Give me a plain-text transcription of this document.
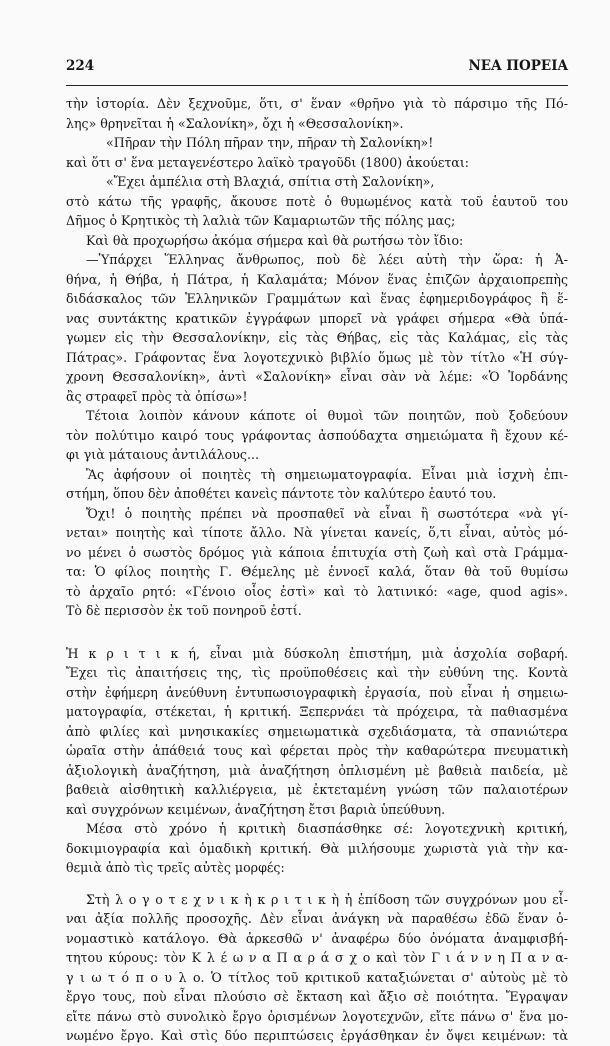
224	ΝΕΑ ΠΟΡΕΙΑ
τὴν ἱστορία. Δὲν ξεχνοῦμε, ὅτι, σ' ἕναν «θρῆνο γιὰ τὸ πάρσιμο τῆς Πό-
λης» θρηνεῖται ἡ «Σαλονίκη», ὄχι ἡ «Θεσσαλονίκη».
«Πῆραν τὴν Πόλη πῆραν την, πῆραν τὴ Σαλονίκη»!
καὶ ὅτι σ' ἕνα μεταγενέστερο λαϊκὸ τραγοῦδι (1800) ἀκούεται:
«Ἔχει ἀμπέλια στὴ Βλαχιά, σπίτια στὴ Σαλονίκη»,
στὸ κάτω τῆς γραφῆς, ἄκουσε ποτὲ ὁ θυμωμένος κατὰ τοῦ ἑαυτοῦ του
Δῆμος ὁ Κρητικὸς τὴ λαλιὰ τῶν Καμαριωτῶν τῆς πόλης μας;
Καὶ θὰ προχωρήσω ἀκόμα σήμερα καὶ θὰ ρωτήσω τὸν ἴδιο:
—Ὑπάρχει Ἕλληνας ἄνθρωπος, ποὺ δὲ λέει αὐτὴ τὴν ὥρα: ἡ Ἀ-
θήνα, ἡ Θήβα, ἡ Πάτρα, ἡ Καλαμάτα; Μόνον ἕνας ἐπιζῶν ἀρχαιοπρεπὴς
διδάσκαλος τῶν Ἑλληνικῶν Γραμμάτων καὶ ἕνας ἐφημεριδογράφος ἢ ἕ-
νας συντάκτης κρατικῶν ἐγγράφων μπορεῖ νὰ γράφει σήμερα «Θὰ ὑπά-
γωμεν εἰς τὴν Θεσσαλονίκην, εἰς τὰς Θήβας, εἰς τὰς Καλάμας, εἰς τὰς
Πάτρας». Γράφοντας ἕνα λογοτεχνικὸ βιβλίο ὅμως μὲ τὸν τίτλο «Ἡ σύγ-
χρονη Θεσσαλονίκη», ἀντὶ «Σαλονίκη» εἶναι σὰν νὰ λέμε: «Ὁ Ἰορδάνης
ἂς στραφεῖ πρὸς τὰ ὀπίσω»!
Τέτοια λοιπὸν κάνουν κάποτε οἱ θυμοὶ τῶν ποιητῶν, ποὺ ξοδεύουν
τὸν πολύτιμο καιρό τους γράφοντας ἀσπούδαχτα σημειώματα ἢ ἔχουν κέ-
φι γιὰ μάταιους ἀντιλάλους...
Ἂς ἀφήσουν οἱ ποιητὲς τὴ σημειωματογραφία. Εἶναι μιὰ ἰσχνὴ ἐπι-
στήμη, ὅπου δὲν ἀποθέτει κανεὶς πάντοτε τὸν καλύτερο ἑαυτό του.
Ὄχι! ὁ ποιητὴς πρέπει νὰ προσπαθεῖ νὰ εἶναι ἢ σωστότερα «νὰ γί-
νεται» ποιητὴς καὶ τίποτε ἄλλο. Νὰ γίνεται κανείς, ὅ,τι εἶναι, αὐτὸς μό-
νο μένει ὁ σωστὸς δρόμος γιὰ κάποια ἐπιτυχία στὴ ζωὴ καὶ στὰ Γράμμα-
τα: Ὁ φίλος ποιητὴς Γ. Θέμελης μὲ ἐννοεῖ καλά, ὅταν θὰ τοῦ θυμίσω
τὸ ἀρχαῖο ρητό: «Γένοιο οἷος ἐστὶ» καὶ τὸ λατινικό: «age, quod agis».
Τὸ δὲ περισσὸν ἐκ τοῦ πονηροῦ ἐστί.
Ἡ κ ρ ι τ ι κ ή, εἶναι μιὰ δύσκολη ἐπιστήμη, μιὰ ἀσχολία σοβαρή.
Ἔχει τὶς ἀπαιτήσεις της, τὶς προϋποθέσεις καὶ τὴν εὐθύνη της. Κοντὰ
στὴν ἐφήμερη ἀνεύθυνη ἐντυπωσιογραφικὴ ἐργασία, ποὺ εἶναι ἡ σημειω-
ματογραφία, στέκεται, ἡ κριτική. Ξεπερνάει τὰ πρόχειρα, τὰ παθιασμένα
ἀπὸ φιλίες καὶ μνησικακίες σημειωματικὰ σχεδιάσματα, τὰ σπανιώτερα
ὡραῖα στὴν ἀπάθειά τους καὶ φέρεται πρὸς τὴν καθαρώτερα πνευματικὴ
ἀξιολογικὴ ἀναζήτηση, μιὰ ἀναζήτηση ὁπλισμένη μὲ βαθειὰ παιδεία, μὲ
βαθειὰ αἰσθητικὴ καλλιέργεια, μὲ ἐκτεταμένη γνώση τῶν παλαιοτέρων
καὶ συγχρόνων κειμένων, ἀναζήτηση ἔτσι βαριὰ ὑπεύθυνη.
Μέσα στὸ χρόνο ἡ κριτικὴ διασπάσθηκε σέ: λογοτεχνικὴ κριτική,
δοκιμιογραφία καὶ ὁμαδικὴ κριτική. Θὰ μιλήσουμε χωριστὰ γιὰ τὴν κα-
θεμιὰ ἀπὸ τὶς τρεῖς αὐτὲς μορφές:
Στὴ λ ο γ ο τ ε χ ν ι κ ὴ κ ρ ι τ ι κ ὴ ἡ ἐπίδοση τῶν συγχρόνων μου εἶ-
ναι ἀξία πολλῆς προσοχῆς. Δὲν εἶναι ἀνάγκη νὰ παραθέσω ἐδῶ ἕναν ὀ-
νομαστικὸ κατάλογο. Θὰ ἀρκεσθῶ ν' ἀναφέρω δύο ὀνόματα ἀναμφισβή-
τητου κύρους: τὸν Κ λ έ ω ν α Π α ρ ά σ χ ο καὶ τὸν Γ ι ά ν ν η Π α ν α-
γ ι ω τ ό π ο υ λ ο. Ὁ τίτλος τοῦ κριτικοῦ καταξιώνεται σ' αὐτοὺς μὲ τὸ
ἔργο τους, ποὺ εἶναι πλούσιο σὲ ἔκταση καὶ ἄξιο σὲ ποιότητα. Ἔγραψαν
εἴτε πάνω στὸ συνολικὸ ἔργο ὁρισμένων λογοτεχνῶν, εἴτε πάνω σ' ἕνα μο-
νωμένο ἔργο. Καὶ στὶς δύο περιπτώσεις ἐργάσθηκαν ἐν ὄψει κειμένων: τὰ
